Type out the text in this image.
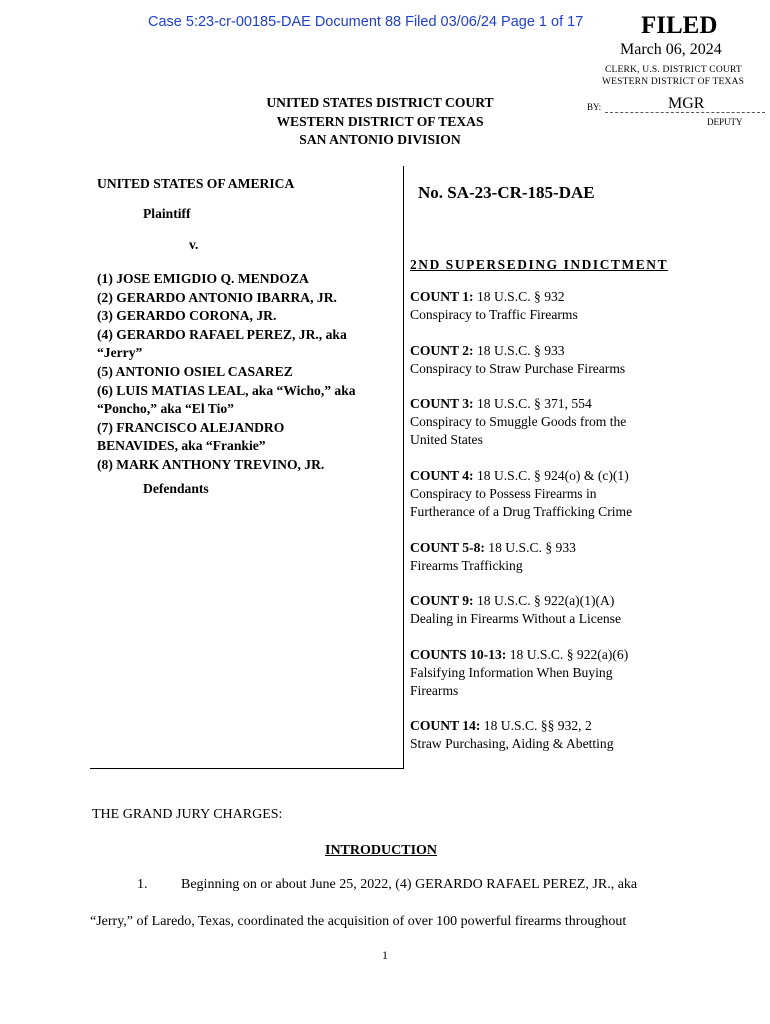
Case 5:23-cr-00185-DAE Document 88 Filed 03/06/24 Page 1 of 17 FILED
March 06, 2024
CLERK, U.S. DISTRICT COURT
WESTERN DISTRICT OF TEXAS
BY:	MGR
DEPUTY
UNITED STATES DISTRICT COURT
WESTERN DISTRICT OF TEXAS
SAN ANTONIO DIVISION
UNITED STATES OF AMERICA
Plaintiff
v.
(1) JOSE EMIGDIO Q. MENDOZA
(2) GERARDO ANTONIO IBARRA, JR.
(3) GERARDO CORONA, JR.
(4) GERARDO RAFAEL PEREZ, JR., aka
“Jerry”
(5) ANTONIO OSIEL CASAREZ
(6) LUIS MATIAS LEAL, aka “Wicho,” aka
“Poncho,” aka “El Tio”
(7) FRANCISCO ALEJANDRO
BENAVIDES, aka “Frankie”
(8) MARK ANTHONY TREVINO, JR.
Defendants
No. SA-23-CR-185-DAE
2ND SUPERSEDING INDICTMENT
COUNT 1: 18 U.S.C. § 932
Conspiracy to Traffic Firearms
COUNT 2: 18 U.S.C. § 933
Conspiracy to Straw Purchase Firearms
COUNT 3: 18 U.S.C. § 371, 554
Conspiracy to Smuggle Goods from the
United States
COUNT 4: 18 U.S.C. § 924(o) & (c)(1)
Conspiracy to Possess Firearms in
Furtherance of a Drug Trafficking Crime
COUNT 5-8: 18 U.S.C. § 933
Firearms Trafficking
COUNT 9: 18 U.S.C. § 922(a)(1)(A)
Dealing in Firearms Without a License
COUNTS 10-13: 18 U.S.C. § 922(a)(6)
Falsifying Information When Buying
Firearms
COUNT 14: 18 U.S.C. §§ 932, 2
Straw Purchasing, Aiding & Abetting
THE GRAND JURY CHARGES:
INTRODUCTION
1. Beginning on or about June 25, 2022, (4) GERARDO RAFAEL PEREZ, JR., aka
“Jerry,” of Laredo, Texas, coordinated the acquisition of over 100 powerful firearms throughout
1
